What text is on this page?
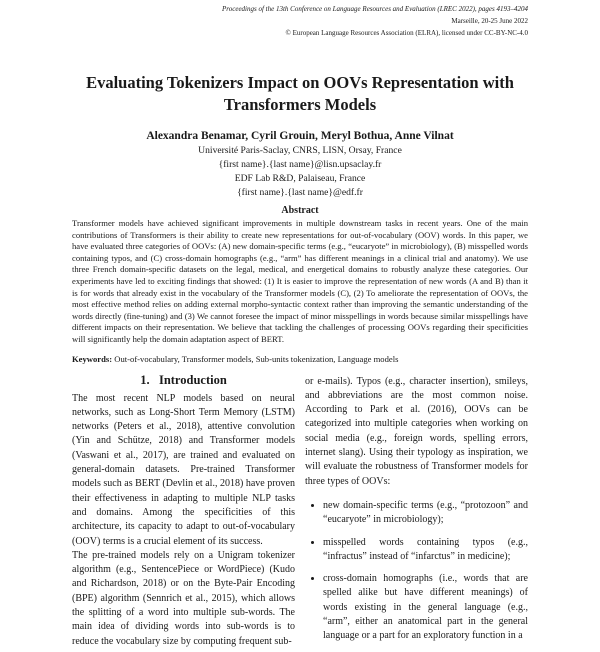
Proceedings of the 13th Conference on Language Resources and Evaluation (LREC 2022), pages 4193–4204
Marseille, 20-25 June 2022
© European Language Resources Association (ELRA), licensed under CC-BY-NC-4.0
Evaluating Tokenizers Impact on OOVs Representation with
Transformers Models
Alexandra Benamar, Cyril Grouin, Meryl Bothua, Anne Vilnat
Université Paris-Saclay, CNRS, LISN, Orsay, France
{first name}.{last name}@lisn.upsaclay.fr
EDF Lab R&D, Palaiseau, France
{first name}.{last name}@edf.fr
Abstract
Transformer models have achieved significant improvements in multiple downstream tasks in recent years. One of the main contributions of Transformers is their ability to create new representations for out-of-vocabulary (OOV) words. In this paper, we have evaluated three categories of OOVs: (A) new domain-specific terms (e.g., “eucaryote” in microbiology), (B) misspelled words containing typos, and (C) cross-domain homographs (e.g., “arm” has different meanings in a clinical trial and anatomy). We use three French domain-specific datasets on the legal, medical, and energetical domains to robustly analyze these categories. Our experiments have led to exciting findings that showed: (1) It is easier to improve the representation of new words (A and B) than it is for words that already exist in the vocabulary of the Transformer models (C), (2) To ameliorate the representation of OOVs, the most effective method relies on adding external morpho-syntactic context rather than improving the semantic understanding of the words directly (fine-tuning) and (3) We cannot foresee the impact of minor misspellings in words because similar misspellings have different impacts on their representation. We believe that tackling the challenges of processing OOVs regarding their specificities will significantly help the domain adaptation aspect of BERT.
Keywords: Out-of-vocabulary, Transformer models, Sub-units tokenization, Language models
1.   Introduction

The most recent NLP models based on neural networks, such as Long-Short Term Memory (LSTM) networks (Peters et al., 2018), attentive convolution (Yin and Schütze, 2018) and Transformer models (Vaswani et al., 2017), are trained and evaluated on general-domain datasets. Pre-trained Transformer models such as BERT (Devlin et al., 2018) have proven their effectiveness in adapting to multiple NLP tasks and domains. Among the specificities of this architecture, its capacity to adapt to out-of-vocabulary (OOV) terms is a crucial element of its success.

The pre-trained models rely on a Unigram tokenizer algorithm (e.g., SentencePiece or WordPiece) (Kudo and Richardson, 2018) or on the Byte-Pair Encoding (BPE) algorithm (Sennrich et al., 2015), which allows the splitting of a word into multiple sub-words. The main idea of dividing words into sub-words is to reduce the vocabulary size by computing frequent sub-

or e-mails). Typos (e.g., character insertion), smileys, and abbreviations are the most common noise. According to Park et al. (2016), OOVs can be categorized into multiple categories when working on social media (e.g., foreign words, spelling errors, internet slang). Using their typology as inspiration, we will evaluate the robustness of Transformer models for three types of OOVs:

• new domain-specific terms (e.g., “protozoon” and “eucaryote” in microbiology);
• misspelled words containing typos (e.g., “infractus” instead of “infarctus” in medicine);
• cross-domain homographs (i.e., words that are spelled alike but have different meanings) of words existing in the general language (e.g., “arm”, either an anatomical part in the general language or a part for an exploratory function in a
